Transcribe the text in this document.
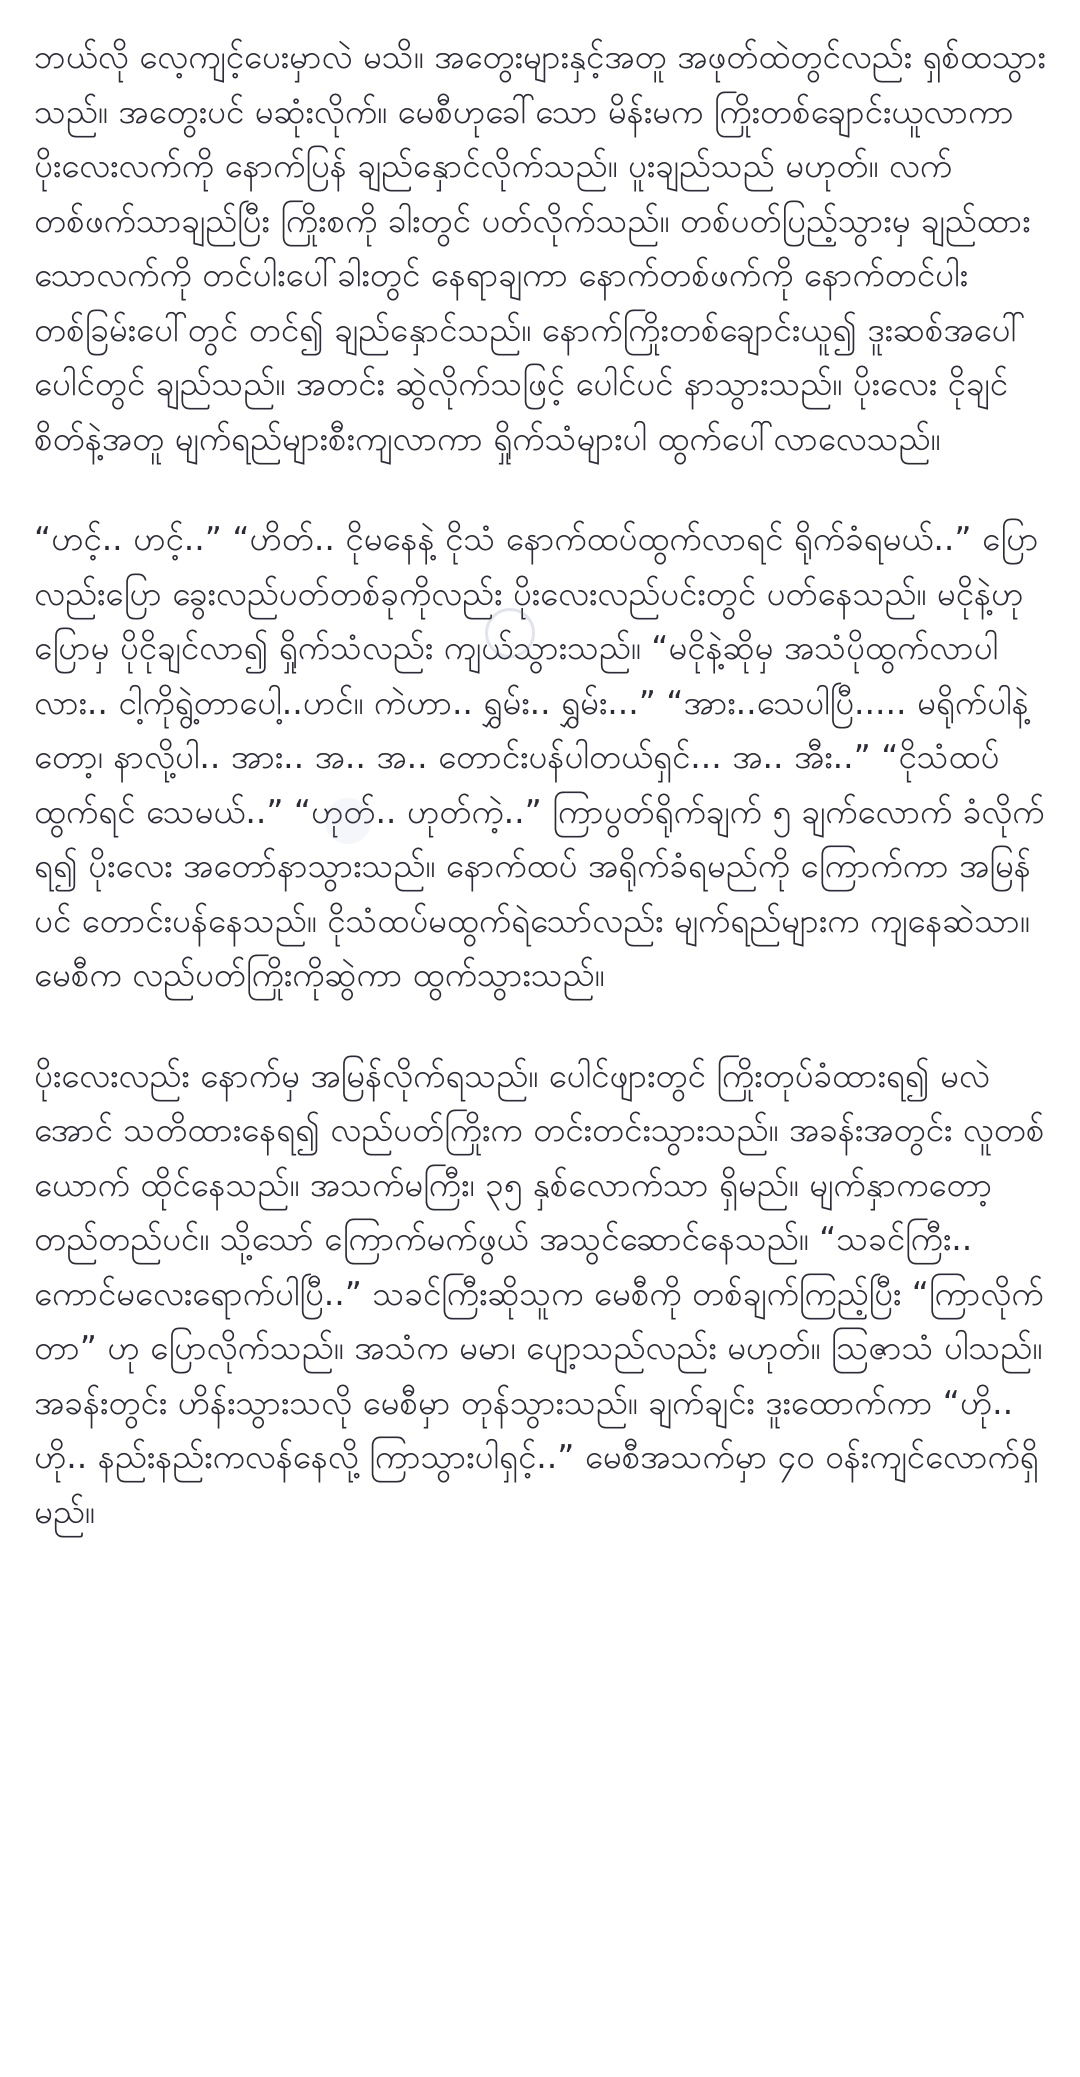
ဘယ်လို လေ့ကျင့်ပေးမှာလဲ မသိ။ အတွေးများနှင့်အတူ အဖုတ်ထဲတွင်လည်း ရှစ်ထသွားသည်။ အတွေးပင် မဆုံးလိုက်။ မေစီဟုခေါ်သော မိန်းမက ကြိုးတစ်ချောင်းယူလာကာ ပိုးလေးလက်ကို နောက်ပြန် ချည်နှောင်လိုက်သည်။ ပူးချည်သည် မဟုတ်။ လက်တစ်ဖက်သာချည်ပြီး ကြိုးစကို ခါးတွင် ပတ်လိုက်သည်။ တစ်ပတ်ပြည့်သွားမှ ချည်ထားသောလက်ကို တင်ပါးပေါ်ခါးတွင် နေရာချကာ နောက်တစ်ဖက်ကို နောက်တင်ပါးတစ်ခြမ်းပေါ်တွင် တင်၍ ချည်နှောင်သည်။ နောက်ကြိုးတစ်ချောင်းယူ၍ ဒူးဆစ်အပေါ်ပေါင်တွင် ချည်သည်။ အတင်း ဆွဲလိုက်သဖြင့် ပေါင်ပင် နာသွားသည်။ ပိုးလေး ငိုချင်စိတ်နဲ့အတူ မျက်ရည်များစီးကျလာကာ ရှိုက်သံများပါ ထွက်ပေါ်လာလေသည်။

“ဟင့်.. ဟင့်..” “ဟိတ်.. ငိုမနေနဲ့ ငိုသံ နောက်ထပ်ထွက်လာရင် ရိုက်ခံရမယ်..” ပြောလည်းပြော ခွေးလည်ပတ်တစ်ခုကိုလည်း ပိုးလေးလည်ပင်းတွင် ပတ်နေသည်။ မငိုနဲ့ဟုပြောမှ ပိုငိုချင်လာ၍ ရှိုက်သံလည်း ကျယ်သွားသည်။ “မငိုနဲ့ဆိုမှ အသံပိုထွက်လာပါလား.. ငါ့ကိုရွဲ့တာပေါ့..ဟင်။ ကဲဟာ.. ရွှမ်း.. ရွှမ်း...” “အား..သေပါပြီ..... မရိုက်ပါနဲ့တော့၊ နာလို့ပါ.. အား.. အ.. အ.. တောင်းပန်ပါတယ်ရှင်... အ.. အီး..” “ငိုသံထပ်ထွက်ရင် သေမယ်..” “ဟုတ်.. ဟုတ်ကဲ့..” ကြာပွတ်ရိုက်ချက် ၅ ချက်လောက် ခံလိုက်ရ၍ ပိုးလေး အတော်နာသွားသည်။ နောက်ထပ် အရိုက်ခံရမည်ကို ကြောက်ကာ အမြန်ပင် တောင်းပန်နေသည်။ ငိုသံထပ်မထွက်ရဲသော်လည်း မျက်ရည်များက ကျနေဆဲသာ။ မေစီက လည်ပတ်ကြိုးကိုဆွဲကာ ထွက်သွားသည်။

ပိုးလေးလည်း နောက်မှ အမြန်လိုက်ရသည်။ ပေါင်ဖျားတွင် ကြိုးတုပ်ခံထားရ၍ မလဲအောင် သတိထားနေရ၍ လည်ပတ်ကြိုးက တင်းတင်းသွားသည်။ အခန်းအတွင်း လူတစ်ယောက် ထိုင်နေသည်။ အသက်မကြီး၊ ၃၅ နှစ်လောက်သာ ရှိမည်။ မျက်နှာကတော့ တည်တည်ပင်။ သို့သော် ကြောက်မက်ဖွယ် အသွင်ဆောင်နေသည်။ “သခင်ကြီး.. ကောင်မလေးရောက်ပါပြီ..” သခင်ကြီးဆိုသူက မေစီကို တစ်ချက်ကြည့်ပြီး “ကြာလိုက်တာ” ဟု ပြောလိုက်သည်။ အသံက မမာ၊ ပျော့သည်လည်း မဟုတ်။ သြဇာသံ ပါသည်။ အခန်းတွင်း ဟိန်းသွားသလို မေစီမှာ တုန်သွားသည်။ ချက်ချင်း ဒူးထောက်ကာ “ဟို.. ဟို.. နည်းနည်းကလန်နေလို့ ကြာသွားပါရှင့်..” မေစီအသက်မှာ ၄၀ ဝန်းကျင်လောက်ရှိမည်။
